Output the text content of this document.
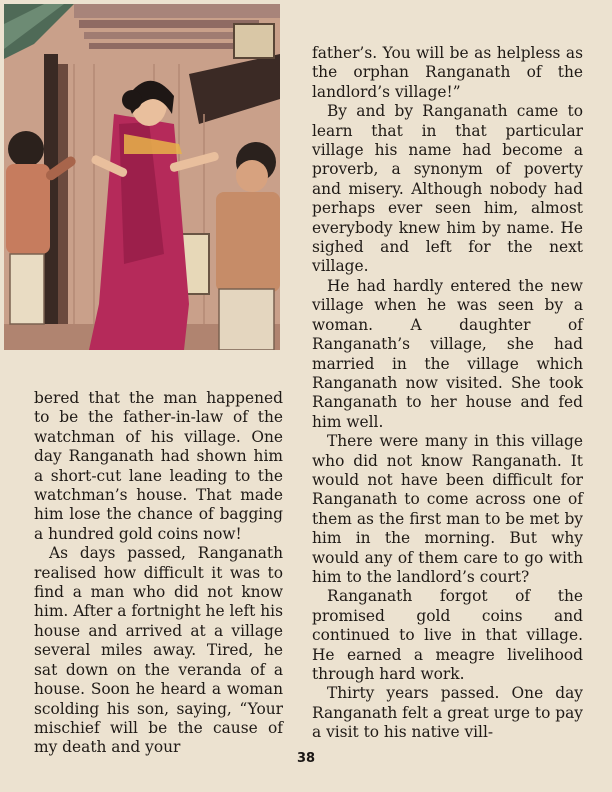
bered that the man happened to be the father-in-law of the watchman of his village. One day Ranganath had shown him a short-cut lane leading to the watchman’s house. That made him lose the chance of bagging a hundred gold coins now!

As days passed, Ranganath realised how difficult it was to find a man who did not know him. After a fortnight he left his house and arrived at a village several miles away. Tired, he sat down on the veranda of a house. Soon he heard a woman scolding his son, saying, “Your mischief will be the cause of my death and your

father’s. You will be as helpless as the orphan Ranganath of the landlord’s village!”

By and by Ranganath came to learn that in that particular village his name had become a proverb, a synonym of poverty and misery. Although nobody had perhaps ever seen him, almost everybody knew him by name. He sighed and left for the next village.

He had hardly entered the new village when he was seen by a woman. A daughter of Ranganath’s village, she had married in the village which Ranganath now visited. She took Ranganath to her house and fed him well.

There were many in this village who did not know Ranganath. It would not have been difficult for Ranganath to come across one of them as the first man to be met by him in the morning. But why would any of them care to go with him to the landlord’s court?

Ranganath forgot of the promised gold coins and continued to live in that village. He earned a meagre livelihood through hard work.

Thirty years passed. One day Ranganath felt a great urge to pay a visit to his native vill-

38
